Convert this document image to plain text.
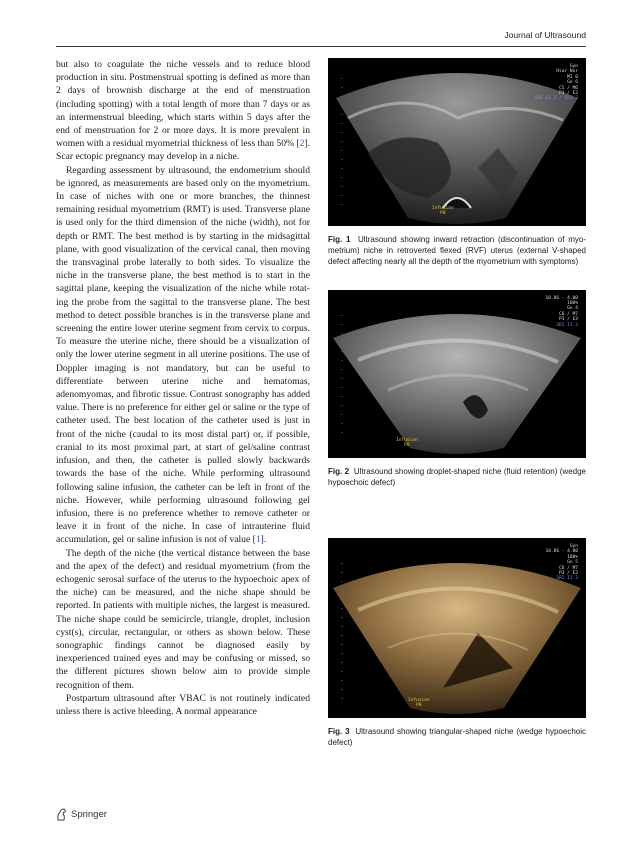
Journal of Ultrasound

but also to coagulate the niche vessels and to reduce blood production in situ. Postmenstrual spotting is defined as more than 2 days of brownish discharge at the end of menstruation (including spotting) with a total length of more than 7 days or as an intermenstrual bleeding, which starts within 5 days after the end of menstruation for 2 or more days. It is more prevalent in women with a residual myometrial thickness of less than 50% [2]. Scar ectopic pregnancy may develop in a niche.

Regarding assessment by ultrasound, the endometrium should be ignored, as measurements are based only on the myometrium. In case of niches with one or more branches, the thinnest remaining residual myometrium (RMT) is used. Transverse plane is used only for the third dimension of the niche (width), not for depth or RMT. The best method is by starting in the midsagittal plane, with good visualization of the cervical canal, then moving the transvaginal probe laterally to both sides. To visualize the niche in the transverse plane, the best method is to start in the sagittal plane, keeping the visualization of the niche while rotating the probe from the sagittal to the transverse plane. The best method to detect possible branches is in the transverse plane and screening the entire lower uterine segment from cervix to corpus. To measure the uterine niche, there should be a visualization of only the lower uterine segment in all uterine positions. The use of Doppler imaging is not mandatory, but can be useful to differentiate between uterine niche and hematomas, adenomyomas, and fibrotic tissue. Contrast sonography has added value. There is no preference for either gel or saline or the type of catheter used. The best location of the catheter used is just in front of the niche (caudal to its most distal part) or, if possible, cranial to its most proximal part, at start of gel/saline contrast infusion, and then, the catheter is pulled slowly backwards towards the base of the niche. While performing ultrasound following saline infusion, the catheter can be left in front of the niche. However, while performing ultrasound following gel infusion, there is no preference whether to remove catheter or leave it in front of the niche. In case of intrauterine fluid accumulation, gel or saline infusion is not of value [1].

The depth of the niche (the vertical distance between the base and the apex of the defect) and residual myometrium (from the echogenic serosal surface of the uterus to the hypoechoic apex of the niche) can be measured, and the niche shape should be reported. In patients with multiple niches, the largest is measured. The niche shape could be semicircle, triangle, droplet, inclusion cyst(s), circular, rectangular, or others as shown below. These sonographic findings cannot be diagnosed easily by inexperienced trained eyes and may be confusing or missed, so the different pictures shown below aim to provide simple recognition of them.

Postpartum ultrasound after VBAC is not routinely indicated unless there is active bleeding. A normal appearance

Gyn
Hiar Nor
MI 0
Gn 6
C5 / M6
P3 / E3
SRI II 4 / CRI 3
Infusion
P8
Fig. 1 Ultrasound showing inward retraction (discontinuation of myometrium) niche in retroverted flexed (RVF) uterus (external V-shaped defect affecting nearly all the depth of the myometrium with symptoms)
10.86 - 4.00
100%
Gn 4
C6 / M7
P3 / E3
SRI II 3
Infusion
P8
Fig. 2 Ultrasound showing droplet-shaped niche (fluid retention) (wedge hypoechoic defect)
Gyn
10.86 - 4.00
100%
Gn 5
C6 / M7
P3 / E3
SRI II 3
Infusion
P8
Fig. 3 Ultrasound showing triangular-shaped niche (wedge hypoechoic defect)
Springer
